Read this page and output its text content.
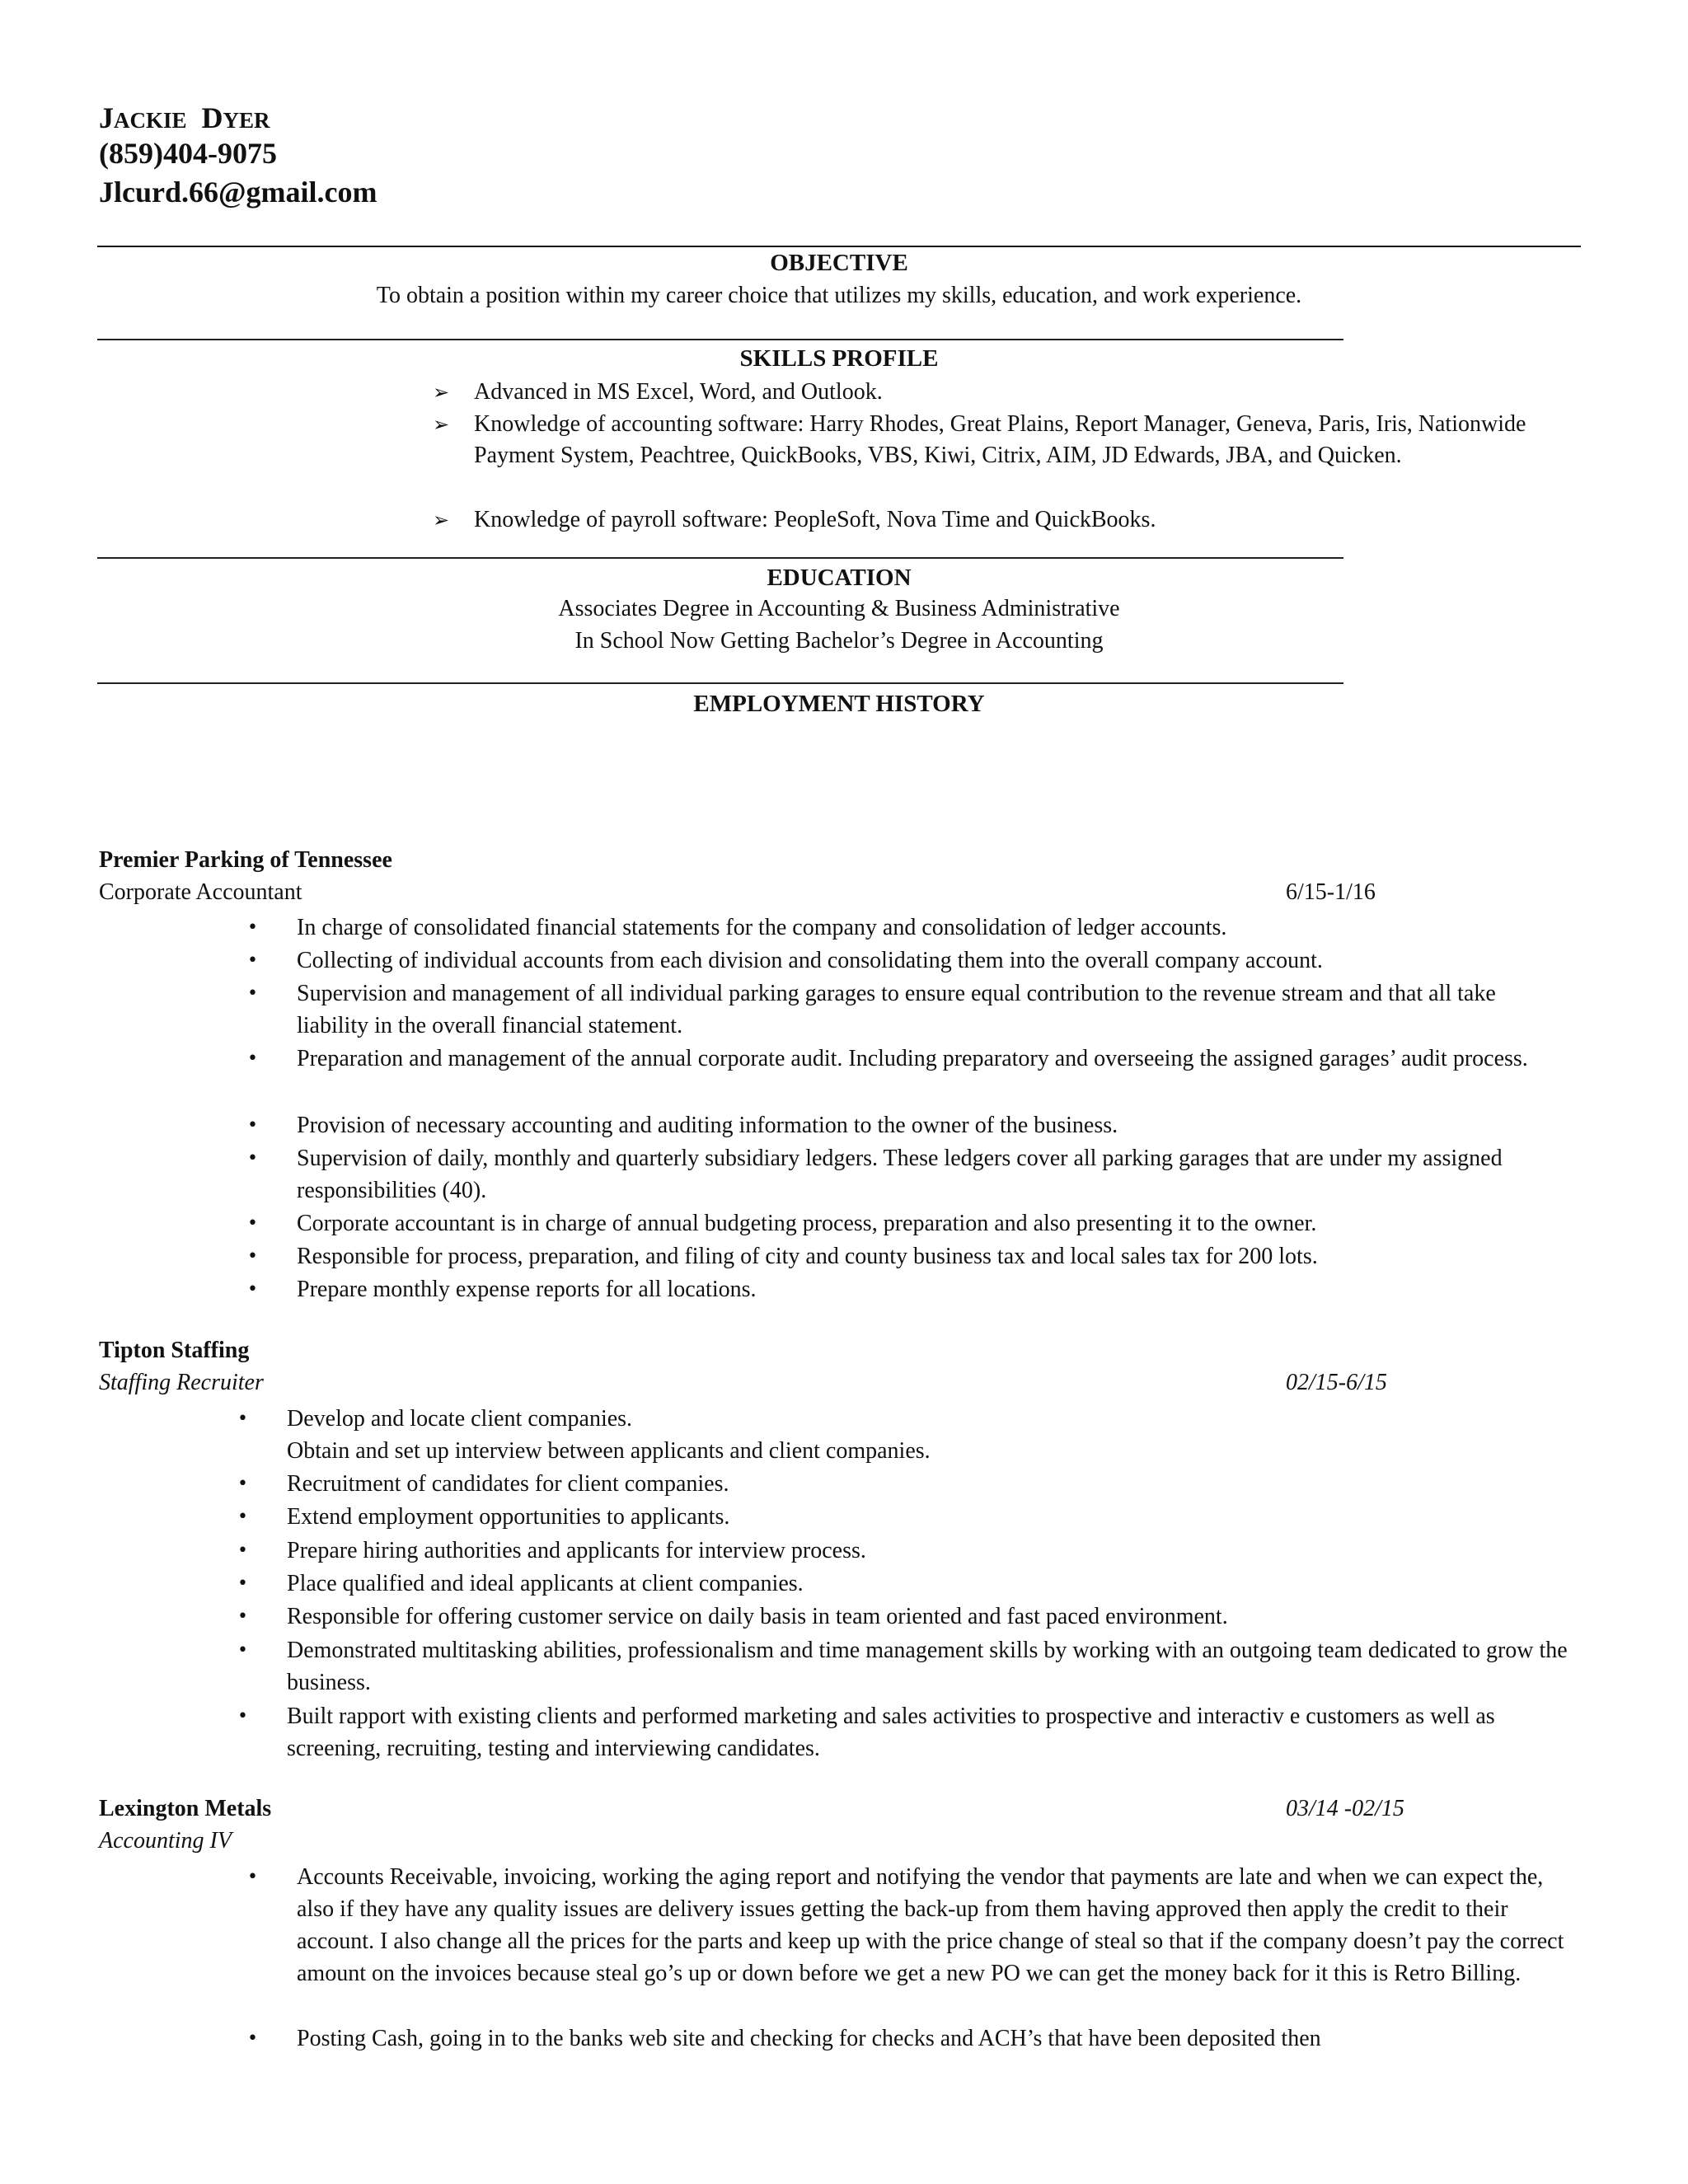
JACKIE DYER
(859)404-9075
Jlcurd.66@gmail.com
OBJECTIVE
To obtain a position within my career choice that utilizes my skills, education, and work experience.
SKILLS PROFILE
➢ Advanced in MS Excel, Word, and Outlook.
➢ Knowledge of accounting software: Harry Rhodes, Great Plains, Report Manager, Geneva, Paris, Iris, Nationwide Payment System, Peachtree, QuickBooks, VBS, Kiwi, Citrix, AIM, JD Edwards, JBA, and Quicken.
➢ Knowledge of payroll software: PeopleSoft, Nova Time and QuickBooks.
EDUCATION
Associates Degree in Accounting & Business Administrative
In School Now Getting Bachelor’s Degree in Accounting
EMPLOYMENT HISTORY
Premier Parking of Tennessee
Corporate Accountant	6/15-1/16
• In charge of consolidated financial statements for the company and consolidation of ledger accounts.
• Collecting of individual accounts from each division and consolidating them into the overall company account.
• Supervision and management of all individual parking garages to ensure equal contribution to the revenue stream and that all take liability in the overall financial statement.
• Preparation and management of the annual corporate audit. Including preparatory and overseeing the assigned garages’ audit process.
• Provision of necessary accounting and auditing information to the owner of the business.
• Supervision of daily, monthly and quarterly subsidiary ledgers. These ledgers cover all parking garages that are under my assigned responsibilities (40).
• Corporate accountant is in charge of annual budgeting process, preparation and also presenting it to the owner.
• Responsible for process, preparation, and filing of city and county business tax and local sales tax for 200 lots.
• Prepare monthly expense reports for all locations.
Tipton Staffing
Staffing Recruiter	02/15-6/15
• Develop and locate client companies.
Obtain and set up interview between applicants and client companies.
• Recruitment of candidates for client companies.
• Extend employment opportunities to applicants.
• Prepare hiring authorities and applicants for interview process.
• Place qualified and ideal applicants at client companies.
• Responsible for offering customer service on daily basis in team oriented and fast paced environment.
• Demonstrated multitasking abilities, professionalism and time management skills by working with an outgoing team dedicated to grow the business.
• Built rapport with existing clients and performed marketing and sales activities to prospective and interactiv e customers as well as screening, recruiting, testing and interviewing candidates.
Lexington Metals	03/14 -02/15
Accounting IV
• Accounts Receivable, invoicing, working the aging report and notifying the vendor that payments are late and when we can expect the, also if they have any quality issues are delivery issues getting the back-up from them having approved then apply the credit to their account. I also change all the prices for the parts and keep up with the price change of steal so that if the company doesn’t pay the correct amount on the invoices because steal go’s up or down before we get a new PO we can get the money back for it this is Retro Billing.
• Posting Cash, going in to the banks web site and checking for checks and ACH’s that have been deposited then
